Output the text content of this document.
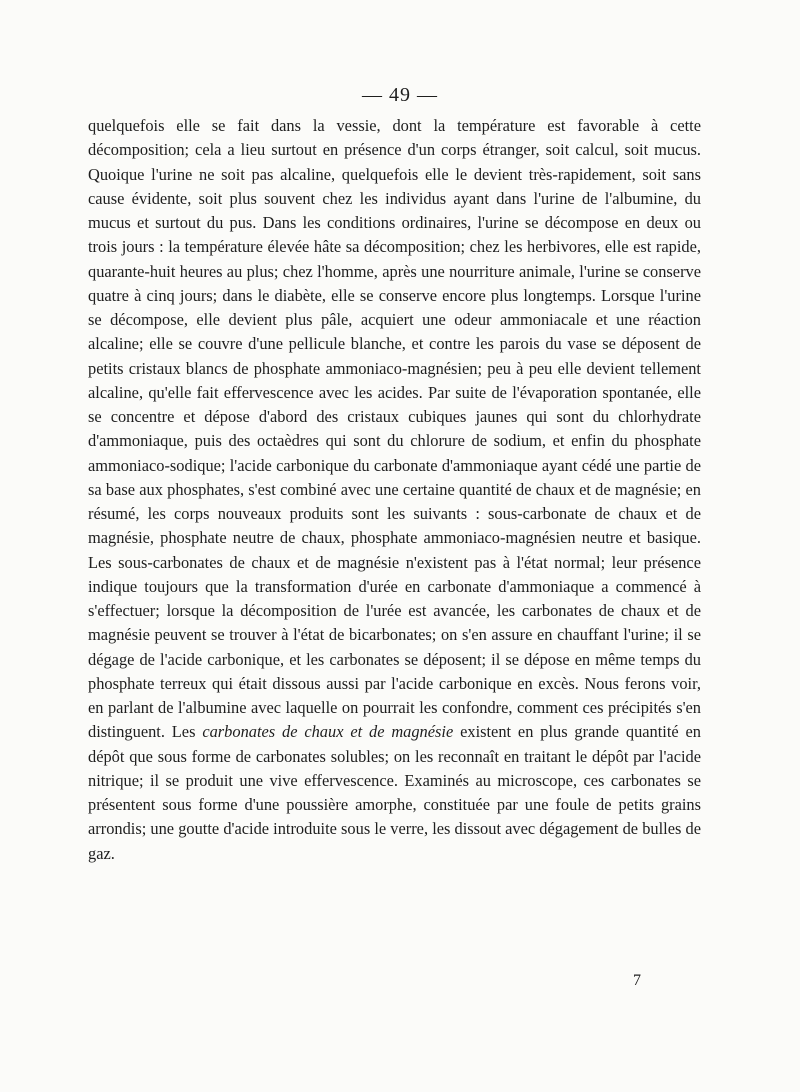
— 49 —

quelquefois elle se fait dans la vessie, dont la température est favorable à cette décomposition; cela a lieu surtout en présence d'un corps étranger, soit calcul, soit mucus. Quoique l'urine ne soit pas alcaline, quelquefois elle le devient très-rapidement, soit sans cause évidente, soit plus souvent chez les individus ayant dans l'urine de l'albumine, du mucus et surtout du pus. Dans les conditions ordinaires, l'urine se décompose en deux ou trois jours : la température élevée hâte sa décomposition; chez les herbivores, elle est rapide, quarante-huit heures au plus; chez l'homme, après une nourriture animale, l'urine se conserve quatre à cinq jours; dans le diabète, elle se conserve encore plus longtemps. Lorsque l'urine se décompose, elle devient plus pâle, acquiert une odeur ammoniacale et une réaction alcaline; elle se couvre d'une pellicule blanche, et contre les parois du vase se déposent de petits cristaux blancs de phosphate ammoniaco-magnésien; peu à peu elle devient tellement alcaline, qu'elle fait effervescence avec les acides. Par suite de l'évaporation spontanée, elle se concentre et dépose d'abord des cristaux cubiques jaunes qui sont du chlorhydrate d'ammoniaque, puis des octaèdres qui sont du chlorure de sodium, et enfin du phosphate ammoniaco-sodique; l'acide carbonique du carbonate d'ammoniaque ayant cédé une partie de sa base aux phosphates, s'est combiné avec une certaine quantité de chaux et de magnésie; en résumé, les corps nouveaux produits sont les suivants : sous-carbonate de chaux et de magnésie, phosphate neutre de chaux, phosphate ammoniaco-magnésien neutre et basique. Les sous-carbonates de chaux et de magnésie n'existent pas à l'état normal; leur présence indique toujours que la transformation d'urée en carbonate d'ammoniaque a commencé à s'effectuer; lorsque la décomposition de l'urée est avancée, les carbonates de chaux et de magnésie peuvent se trouver à l'état de bicarbonates; on s'en assure en chauffant l'urine; il se dégage de l'acide carbonique, et les carbonates se déposent; il se dépose en même temps du phosphate terreux qui était dissous aussi par l'acide carbonique en excès. Nous ferons voir, en parlant de l'albumine avec laquelle on pourrait les confondre, comment ces précipités s'en distinguent. Les carbonates de chaux et de magnésie existent en plus grande quantité en dépôt que sous forme de carbonates solubles; on les reconnaît en traitant le dépôt par l'acide nitrique; il se produit une vive effervescence. Examinés au microscope, ces carbonates se présentent sous forme d'une poussière amorphe, constituée par une foule de petits grains arrondis; une goutte d'acide introduite sous le verre, les dissout avec dégagement de bulles de gaz.

7
